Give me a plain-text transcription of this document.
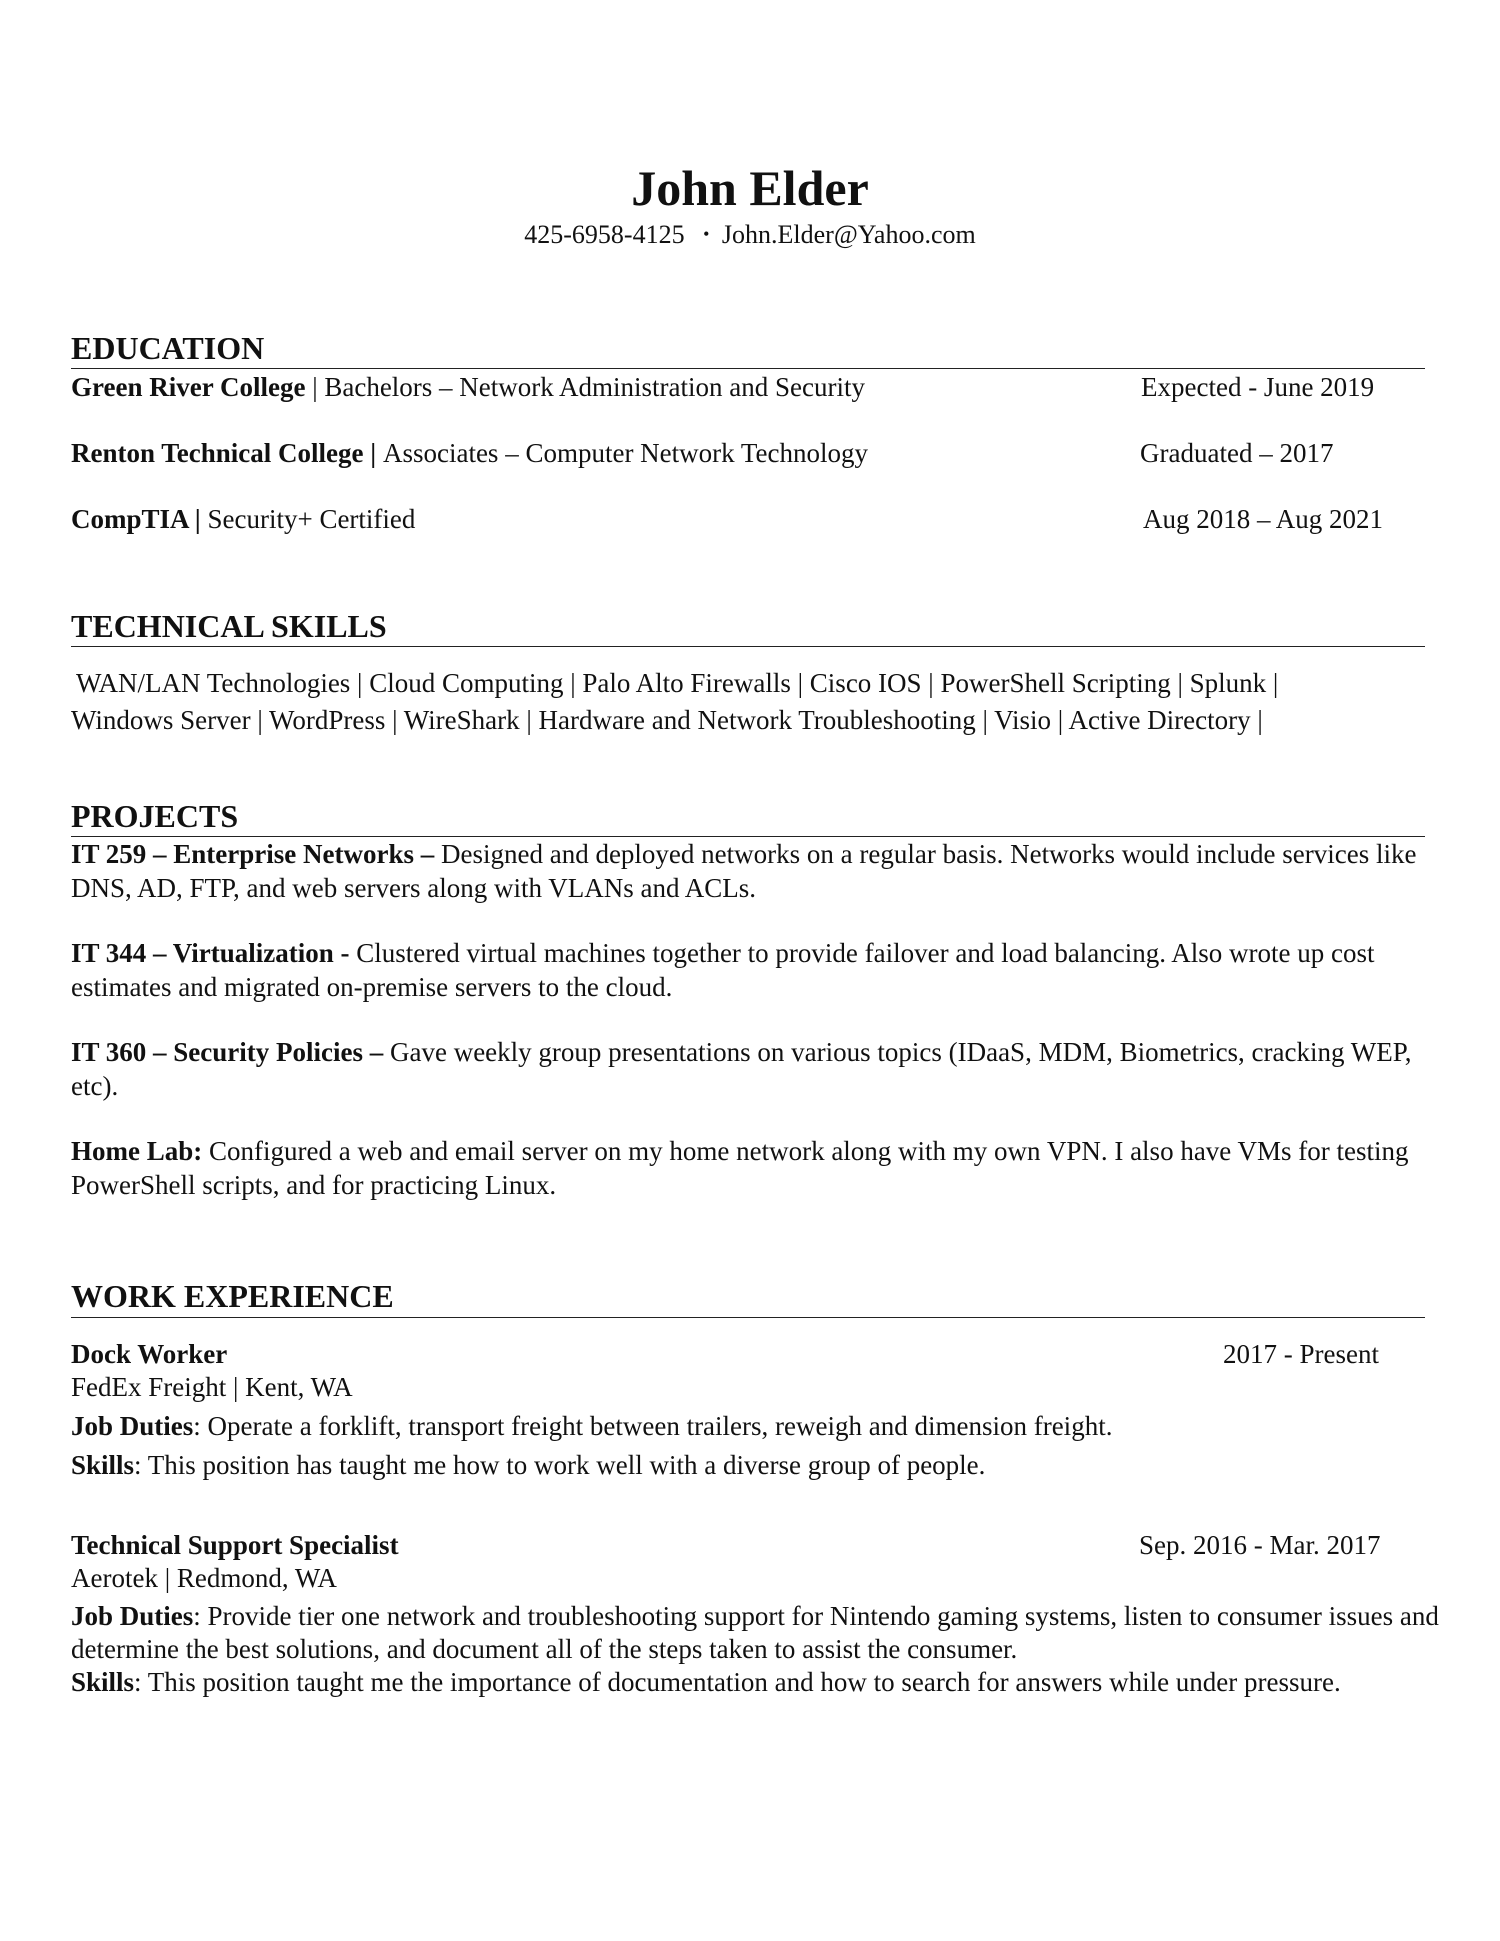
John Elder
425-6958-4125 • John.Elder@Yahoo.com
EDUCATION
Green River College | Bachelors – Network Administration and Security	Expected - June 2019
Renton Technical College | Associates – Computer Network Technology	Graduated – 2017
CompTIA | Security+ Certified	Aug 2018 – Aug 2021
TECHNICAL SKILLS
WAN/LAN Technologies | Cloud Computing | Palo Alto Firewalls | Cisco IOS | PowerShell Scripting | Splunk |
Windows Server | WordPress | WireShark | Hardware and Network Troubleshooting | Visio | Active Directory |
PROJECTS
IT 259 – Enterprise Networks – Designed and deployed networks on a regular basis. Networks would include services like DNS, AD, FTP, and web servers along with VLANs and ACLs.
IT 344 – Virtualization - Clustered virtual machines together to provide failover and load balancing. Also wrote up cost estimates and migrated on-premise servers to the cloud.
IT 360 – Security Policies – Gave weekly group presentations on various topics (IDaaS, MDM, Biometrics, cracking WEP, etc).
Home Lab: Configured a web and email server on my home network along with my own VPN. I also have VMs for testing PowerShell scripts, and for practicing Linux.
WORK EXPERIENCE
Dock Worker	2017 - Present
FedEx Freight | Kent, WA
Job Duties: Operate a forklift, transport freight between trailers, reweigh and dimension freight.
Skills: This position has taught me how to work well with a diverse group of people.
Technical Support Specialist	Sep. 2016 - Mar. 2017
Aerotek | Redmond, WA
Job Duties: Provide tier one network and troubleshooting support for Nintendo gaming systems, listen to consumer issues and determine the best solutions, and document all of the steps taken to assist the consumer.
Skills: This position taught me the importance of documentation and how to search for answers while under pressure.
